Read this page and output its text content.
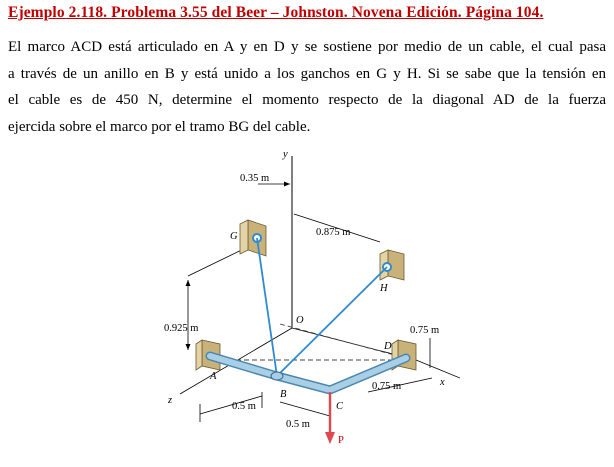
Ejemplo 2.118. Problema 3.55 del Beer – Johnston. Novena Edición. Página 104.
El marco ACD está articulado en A y en D y se sostiene por medio de un cable, el cual pasa
a través de un anillo en B y está unido a los ganchos en G y H. Si se sabe que la tensión en
el cable es de 450 N, determine el momento respecto de la diagonal AD de la fuerza
ejercida sobre el marco por el tramo BG del cable.
y
0.35 m
G	0.875 m
H
0.925 m
O
0.75 m
D
A
B
C
0.75 m	x
z
0.5 m
0.5 m
P
